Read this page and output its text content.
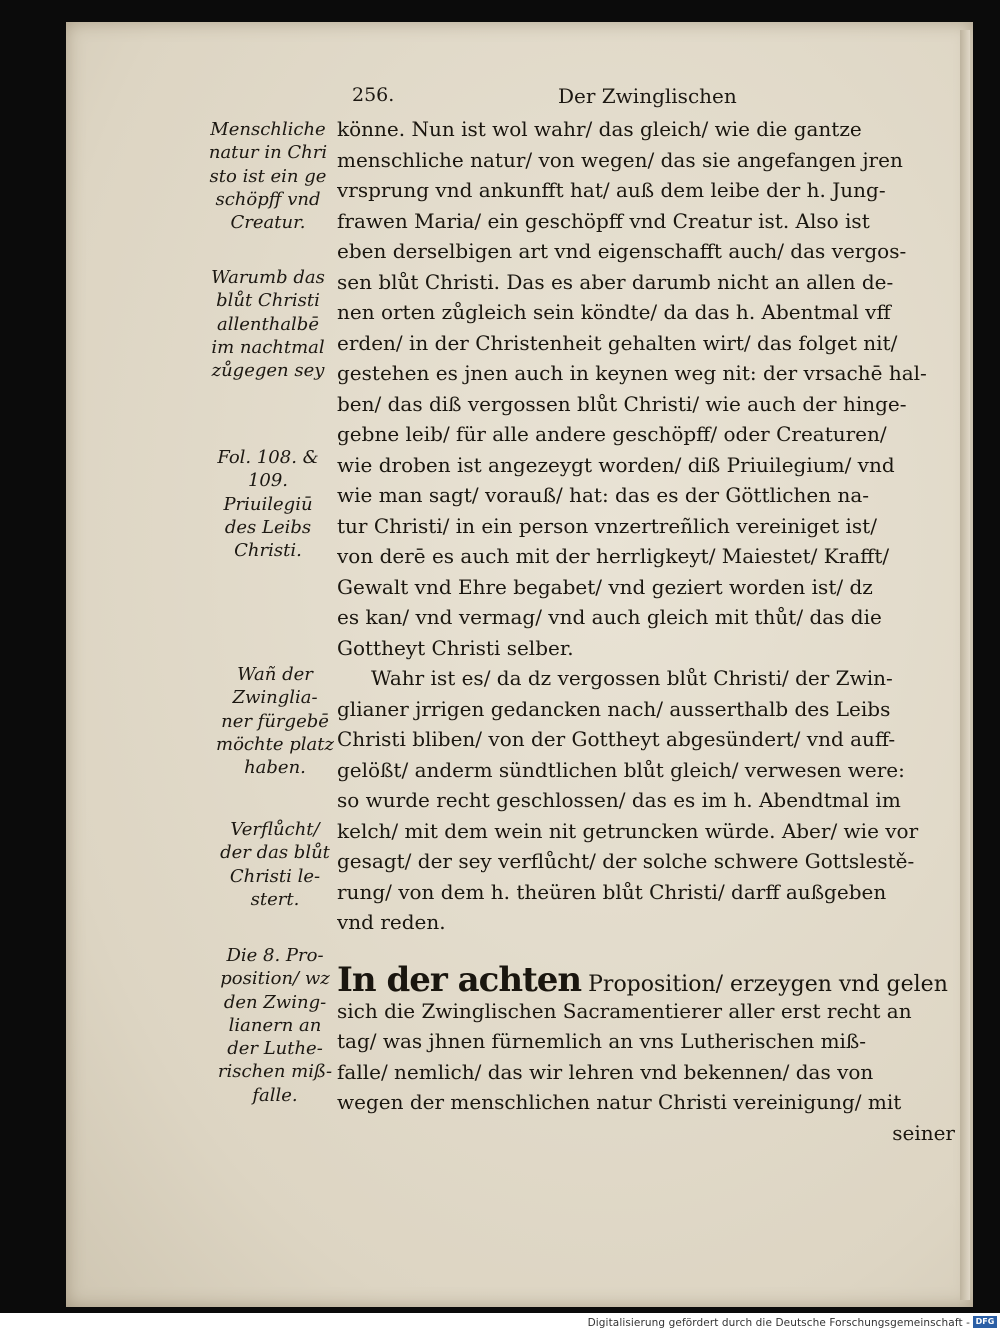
256.	Der Zwinglischen
Menschliche
natur in Chri
sto ist ein ge
schöpff vnd
Creatur.
Warumb das
blůt Christi
allenthalbē
im nachtmal
zůgegen sey
Fol. 108. &
109.
Priuilegiū
des Leibs
Christi.
Wañ der
Zwinglia-
ner fürgebē
möchte platz
haben.
Verflůcht/
der das blůt
Christi le-
stert.
Die 8. Pro-
position/ wz
den Zwing-
lianern an
der Luthe-
rischen miß-
falle.
könne. Nun ist wol wahr/ das gleich/ wie die gantze
menschliche natur/ von wegen/ das sie angefangen jren
vrsprung vnd ankunfft hat/ auß dem leibe der h. Jung-
frawen Maria/ ein geschöpff vnd Creatur ist. Also ist
eben derselbigen art vnd eigenschafft auch/ das vergos-
sen blůt Christi. Das es aber darumb nicht an allen de-
nen orten zůgleich sein köndte/ da das h. Abentmal vff
erden/ in der Christenheit gehalten wirt/ das folget nit/
gestehen es jnen auch in keynen weg nit: der vrsachē hal-
ben/ das diß vergossen blůt Christi/ wie auch der hinge-
gebne leib/ für alle andere geschöpff/ oder Creaturen/
wie droben ist angezeygt worden/ diß Priuilegium/ vnd
wie man sagt/ vorauß/ hat: das es der Göttlichen na-
tur Christi/ in ein person vnzertreñlich vereiniget ist/
von derē es auch mit der herrligkeyt/ Maiestet/ Krafft/
Gewalt vnd Ehre begabet/ vnd geziert worden ist/ dz
es kan/ vnd vermag/ vnd auch gleich mit thůt/ das die
Gottheyt Christi selber.
Wahr ist es/ da dz vergossen blůt Christi/ der Zwin-
glianer jrrigen gedancken nach/ ausserthalb des Leibs
Christi bliben/ von der Gottheyt abgesündert/ vnd auff-
gelößt/ anderm sündtlichen blůt gleich/ verwesen were:
so wurde recht geschlossen/ das es im h. Abendtmal im
kelch/ mit dem wein nit getruncken würde. Aber/ wie vor
gesagt/ der sey verflůcht/ der solche schwere Gottslestě-
rung/ von dem h. theüren blůt Christi/ darff außgeben
vnd reden.
In der achten Proposition/ erzeygen vnd gelen
sich die Zwinglischen Sacramentierer aller erst recht an
tag/ was jhnen fürnemlich an vns Lutherischen miß-
falle/ nemlich/ das wir lehren vnd bekennen/ das von
wegen der menschlichen natur Christi vereinigung/ mit
seiner
Digitalisierung gefördert durch die Deutsche Forschungsgemeinschaft - DFG
